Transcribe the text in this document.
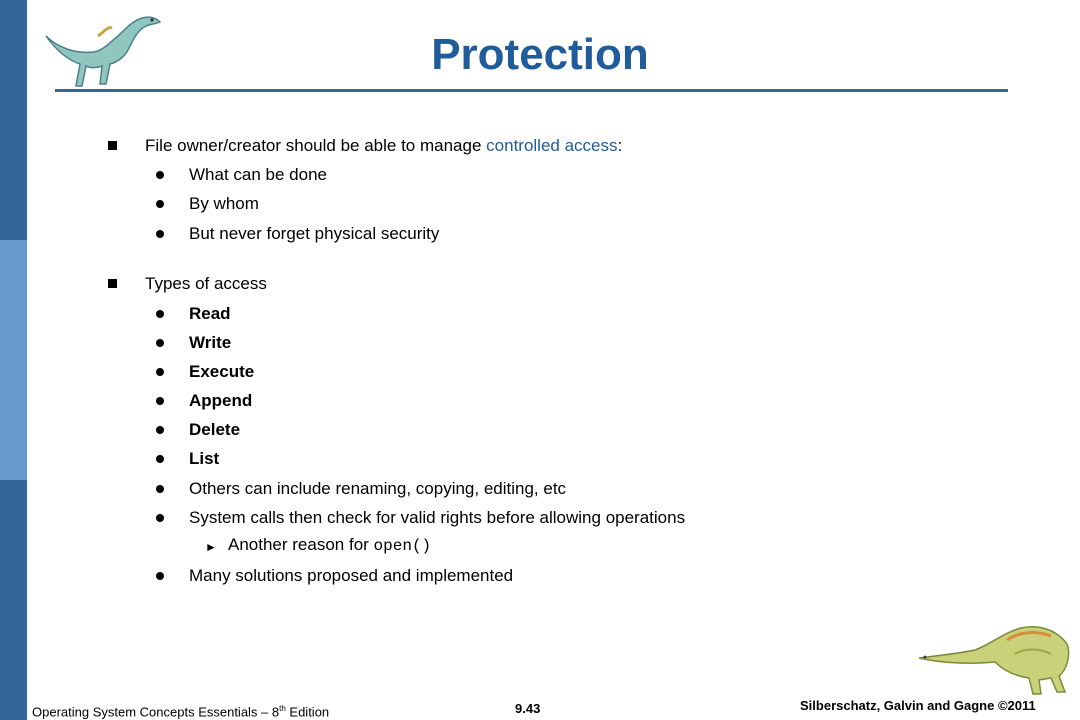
Protection
File owner/creator should be able to manage controlled access:
What can be done
By whom
But never forget physical security
Types of access
Read
Write
Execute
Append
Delete
List
Others can include renaming, copying, editing, etc
System calls then check for valid rights before allowing operations
► Another reason for open()
Many solutions proposed and implemented
Operating System Concepts Essentials – 8th Edition	9.43	Silberschatz, Galvin and Gagne ©2011
